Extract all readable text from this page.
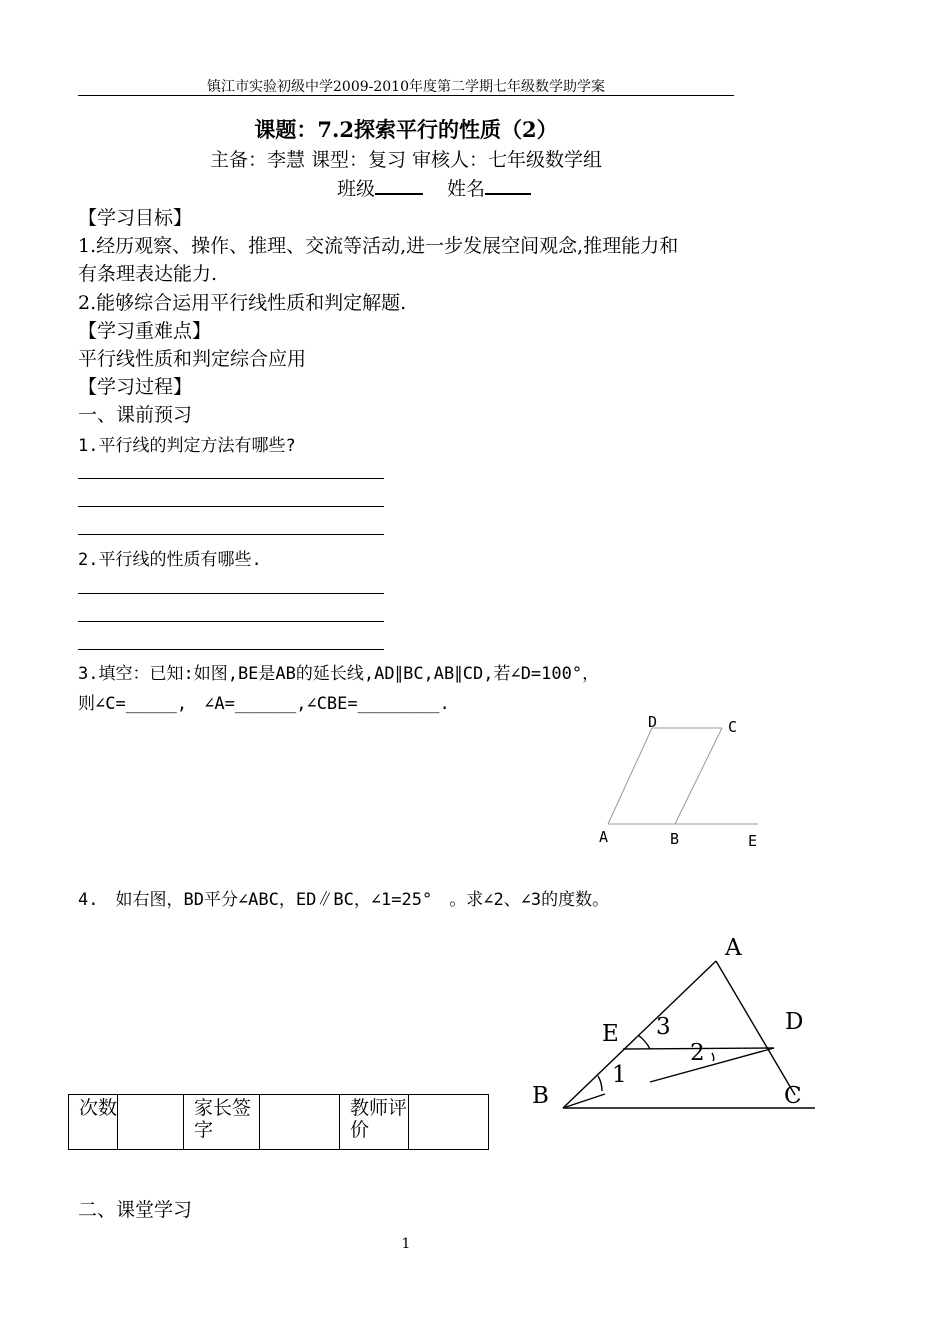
镇江市实验初级中学2009-2010年度第二学期七年级数学助学案
课题：7.2探索平行的性质（2）
主备：李慧 课型：复习 审核人：七年级数学组
班级	姓名
【学习目标】
1.经历观察、操作、推理、交流等活动,进一步发展空间观念,推理能力和
有条理表达能力.
2.能够综合运用平行线性质和判定解题.
【学习重难点】
平行线性质和判定综合应用
【学习过程】
一、课前预习
1.平行线的判定方法有哪些?
2.平行线的性质有哪些.
3.填空：已知:如图,BE是AB的延长线,AD∥BC,AB∥CD,若∠D=100°，
则∠C=_____,　∠A=______,∠CBE=________.
D	C
A	B	E
4.　如右图，BD平分∠ABC，ED∥BC，∠1=25°　。求∠2、∠3的度数。
A
D
E
B	C
3
2
1
次数		家长签字		教师评价	
二、课堂学习
1
